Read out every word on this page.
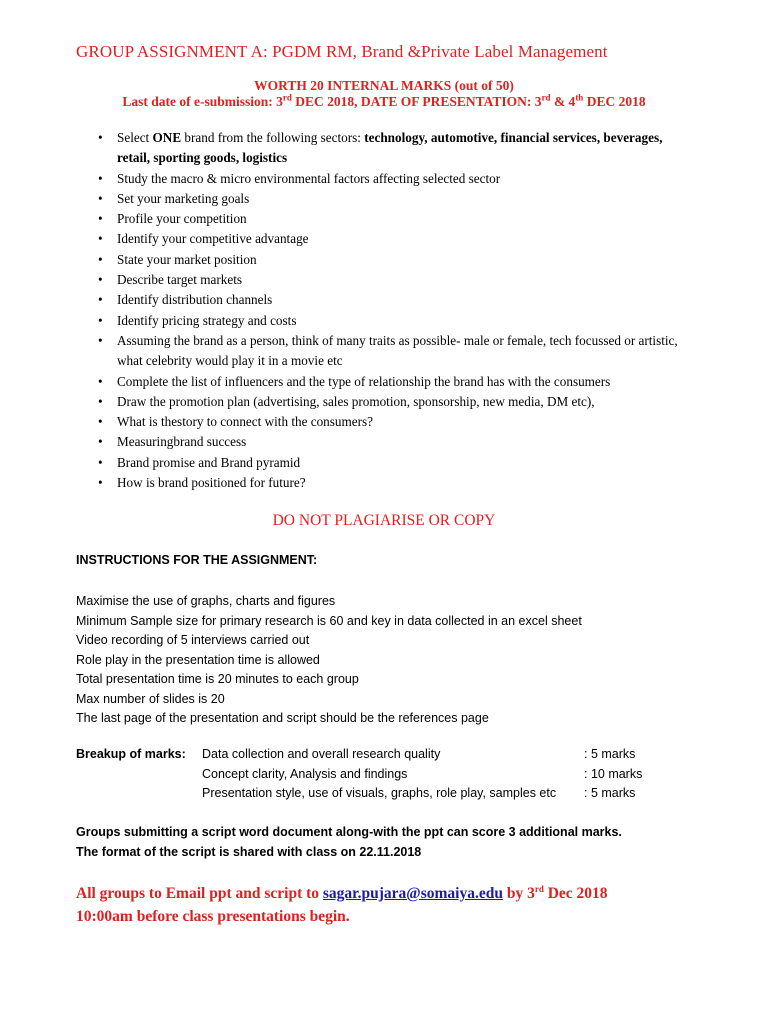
GROUP ASSIGNMENT A: PGDM RM, Brand &Private Label Management
WORTH 20 INTERNAL MARKS (out of 50)
Last date of e-submission: 3rd DEC 2018, DATE OF PRESENTATION: 3rd & 4th DEC 2018
• Select ONE brand from the following sectors: technology, automotive, financial services, beverages, retail, sporting goods, logistics
• Study the macro & micro environmental factors affecting selected sector
• Set your marketing goals
• Profile your competition
• Identify your competitive advantage
• State your market position
• Describe target markets
• Identify distribution channels
• Identify pricing strategy and costs
• Assuming the brand as a person, think of many traits as possible- male or female, tech focussed or artistic, what celebrity would play it in a movie etc
• Complete the list of influencers and the type of relationship the brand has with the consumers
• Draw the promotion plan (advertising, sales promotion, sponsorship, new media, DM etc),
• What is thestory to connect with the consumers?
• Measuringbrand success
• Brand promise and Brand pyramid
• How is brand positioned for future?
DO NOT PLAGIARISE OR COPY
INSTRUCTIONS FOR THE ASSIGNMENT:
Maximise the use of graphs, charts and figures
Minimum Sample size for primary research is 60 and key in data collected in an excel sheet
Video recording of 5 interviews carried out
Role play in the presentation time is allowed
Total presentation time is 20 minutes to each group
Max number of slides is 20
The last page of the presentation and script should be the references page
Breakup of marks: Data collection and overall research quality	: 5 marks
Concept clarity, Analysis and findings	: 10 marks
Presentation style, use of visuals, graphs, role play, samples etc : 5 marks
Groups submitting a script word document along-with the ppt can score 3 additional marks.
The format of the script is shared with class on 22.11.2018
All groups to Email ppt and script to sagar.pujara@somaiya.edu by 3rd Dec 2018
10:00am before class presentations begin.
